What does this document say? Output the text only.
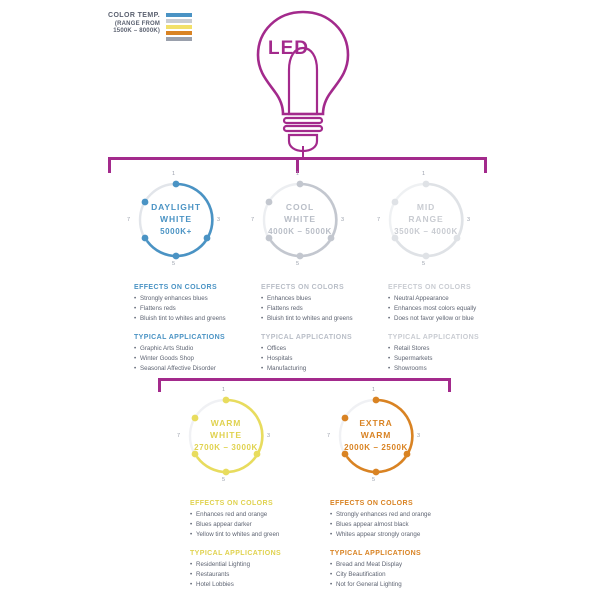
COLOR TEMP.
(RANGE FROM
1500K – 8000K)
LED
DAYLIGHT
WHITE
5000K+
1
3
5
7
COOL
WHITE
4000K – 5000K
1
3
5
7
MID
RANGE
3500K – 4000K
1
3
5
7
EFFECTS ON COLORS
• Strongly enhances blues
• Flattens reds
• Bluish tint to whites and greens
TYPICAL APPLICATIONS
• Graphic Arts Studio
• Winter Goods Shop
• Seasonal Affective Disorder
EFFECTS ON COLORS
• Enhances blues
• Flattens reds
• Bluish tint to whites and greens
TYPICAL APPLICATIONS
• Offices
• Hospitals
• Manufacturing
EFFECTS ON COLORS
• Neutral Appearance
• Enhances most colors equally
• Does not favor yellow or blue
TYPICAL APPLICATIONS
• Retail Stores
• Supermarkets
• Showrooms
WARM
WHITE
2700K – 3000K
1
3
5
7
EXTRA
WARM
2000K – 2500K
1
3
5
7
EFFECTS ON COLORS
• Enhances red and orange
• Blues appear darker
• Yellow tint to whites and green
TYPICAL APPLICATIONS
• Residential Lighting
• Restaurants
• Hotel Lobbies
EFFECTS ON COLORS
• Strongly enhances red and orange
• Blues appear almost black
• Whites appear strongly orange
TYPICAL APPLICATIONS
• Bread and Meat Display
• City Beautification
• Not for General Lighting
